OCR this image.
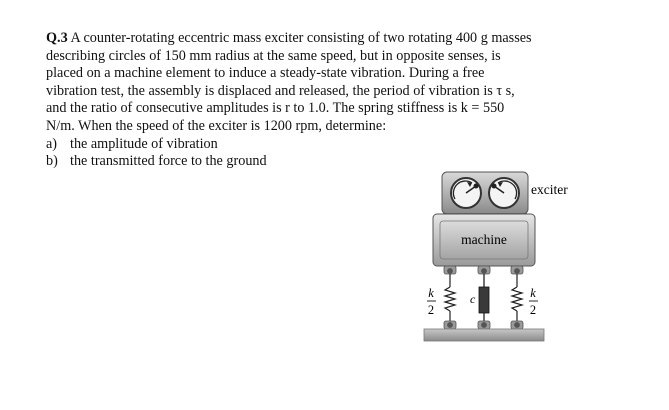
Q.3 A counter-rotating eccentric mass exciter consisting of two rotating 400 g masses

describing circles of 150 mm radius at the same speed, but in opposite senses, is

placed on a machine element to induce a steady-state vibration. During a free

vibration test, the assembly is displaced and released, the period of vibration is τ s,

and the ratio of consecutive amplitudes is r to 1.0. The spring stiffness is k = 550

N/m. When the speed of the exciter is 1200 rpm, determine:

a) the amplitude of vibration

b) the transmitted force to the ground

exciter
machine
c
k
2
k
2
